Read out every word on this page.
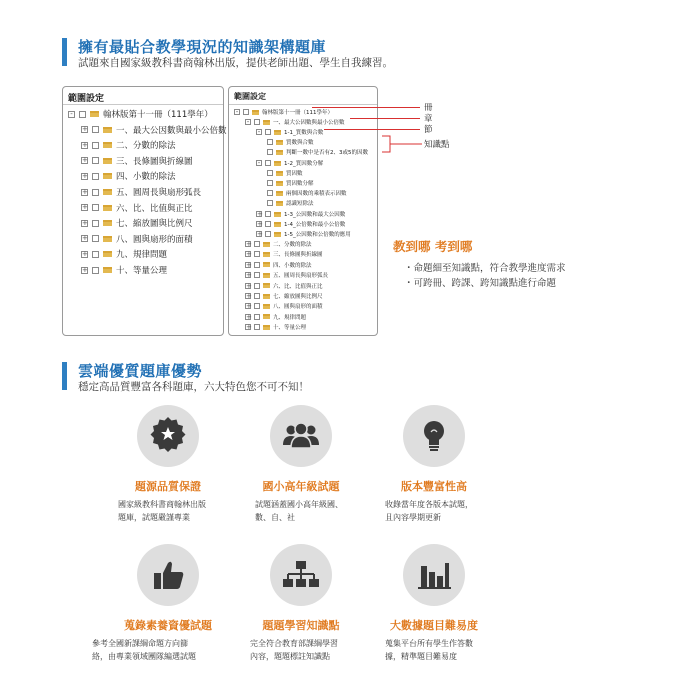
擁有最貼合教學現況的知識架構題庫
試題來自國家級教科書商翰林出版，提供老師出題、學生自我練習。
範圍設定
-	翰林版第十一冊（111學年）
+	一、最大公因數與最小公倍數
+	二、分數的除法
+	三、長條圖與折線圖
+	四、小數的除法
+	五、圓周長與扇形弧長
+	六、比、比值與正比
+	七、縮放圖與比例尺
+	八、圓與扇形的面積
+	九、規律問題
+	十、等量公理
範圍設定
-	翰林版第十一冊（111學年）
-	一、最大公因數與最小公倍數
-	1-1_質數與合數
質數與合數
判斷一數中是否有2、3或5的因數
-	1-2_質因數分解
質因數
質因數分解
兩個因數的乘積表示因數
認識短除法
+	1-3_公因數和最大公因數
+	1-4_公倍數和最小公倍數
+	1-5_公因數和公倍數的應用
+	二、分數的除法
+	三、長條圖與折線圖
+	四、小數的除法
+	五、圓周長與扇形弧長
+	六、比、比值與正比
+	七、縮放圖與比例尺
+	八、圓與扇形的面積
+	九、規律問題
+	十、等量公理
冊
章
節
知識點
教到哪 考到哪
・命題細至知識點，符合教學進度需求
・可跨冊、跨課、跨知識點進行命題
雲端優質題庫優勢
穩定高品質豐富各科題庫，六大特色您不可不知！
題源品質保證
國家級教科書商翰林出版
題庫，試題嚴謹專業
國小高年級試題
試題涵蓋國小高年級國、
數、自、社
版本豐富性高
收錄當年度各版本試題，
且內容學期更新
蒐錄素養資優試題
參考全國新課綱命題方向篩
絡，由專業領域團隊編選試題
題題學習知識點
完全符合教育部課綱學習
內容，題題標註知識點
大數據題目難易度
蒐集平台所有學生作答數
據，精準題目難易度
